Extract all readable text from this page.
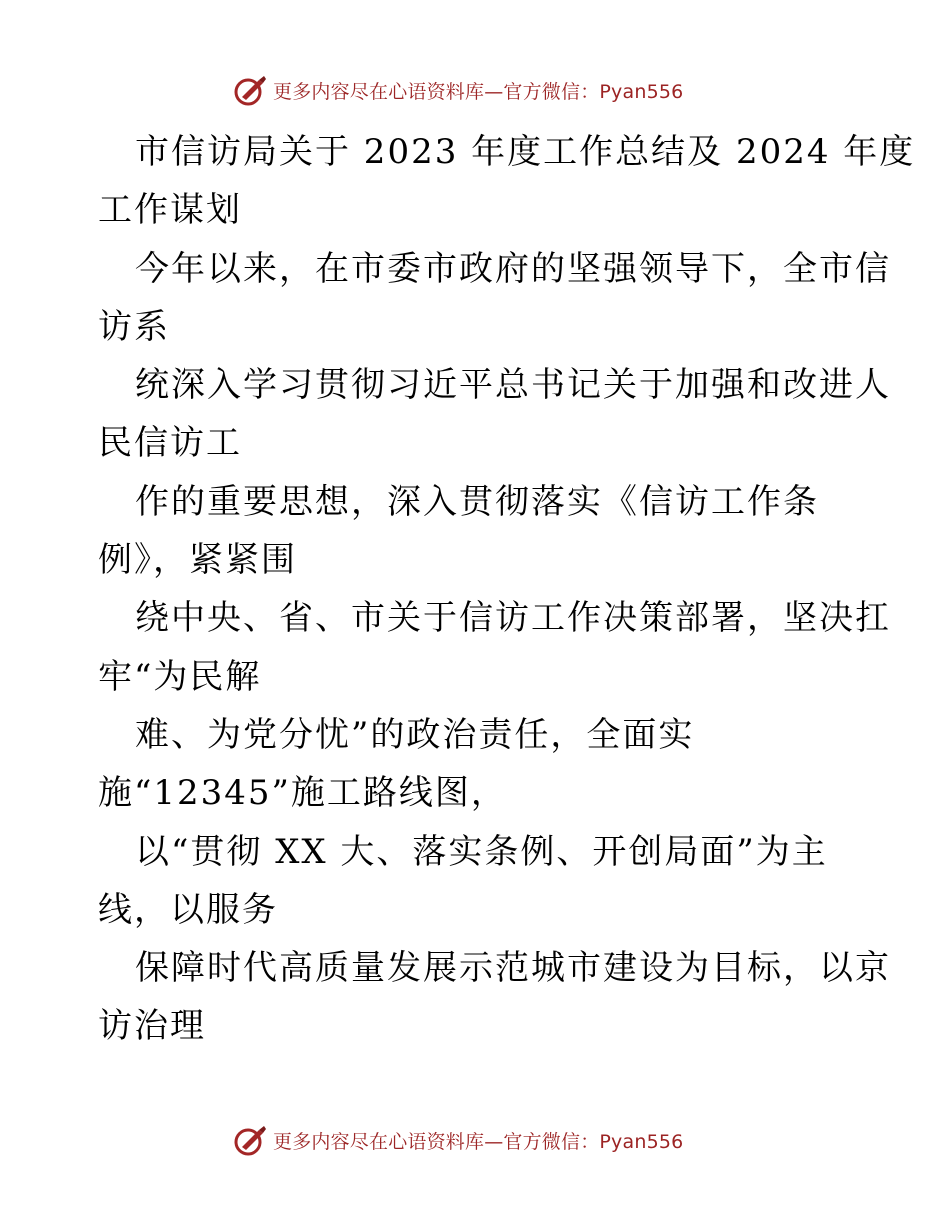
更多内容尽在心语资料库—官方微信：Pyan556
市信访局关于 2023 年度工作总结及 2024 年度
工作谋划
今年以来，在市委市政府的坚强领导下，全市信
访系
统深入学习贯彻习近平总书记关于加强和改进人
民信访工
作的重要思想，深入贯彻落实《信访工作条
例》，紧紧围
绕中央、省、市关于信访工作决策部署，坚决扛
牢“为民解
难、为党分忧”的政治责任，全面实
施“12345”施工路线图，
以“贯彻 XX 大、落实条例、开创局面”为主
线，以服务
保障时代高质量发展示范城市建设为目标，以京
访治理
更多内容尽在心语资料库—官方微信：Pyan556
